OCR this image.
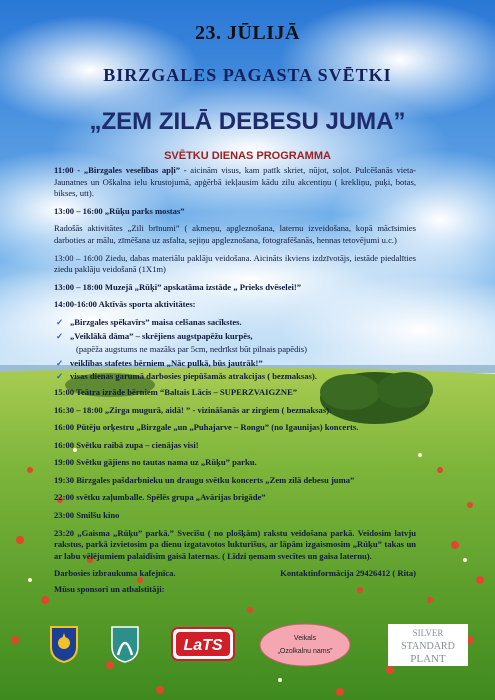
23. JŪLIJĀ
BIRZGALES PAGASTA SVĒTKI
„ZEM ZILĀ DEBESU JUMA”
SVĒTKU DIENAS PROGRAMMA

11:00 - „Birzgales veselības apļi” - aicinām visus, kam patīk skriet, nūjot, soļot. Pulcēšanās vieta- Jaunatnes un Oškalna ielu krustojumā, apģērbā iekļausim kādu zilu akcentiņu ( krekliņu, puķi, botas, bikses, utt).

13:00 – 16:00 „Rūķu parks mostas”

Radošās aktivitātes „Zili brīnumi” ( akmeņu, apgleznošana, laternu izveidošana, kopā mācīsimies darboties ar mālu, zīmēšana uz asfalta, sejiņu apgleznošana, fotografēšanās, hennas tetovējumi u.c.)

13:00 – 16:00 Ziedu, dabas materiālu paklāju veidošana. Aicināts ikviens izdzīvotājs, iestāde piedalīties ziedu paklāju veidošanā (1X1m)

13:00 – 18:00 Muzejā „Rūķi” apskatāma izstāde „ Prieks dvēselei!”

14:00-16:00 Aktīvās sporta aktivitātes:

✓ „Birzgales spēkavīrs” maisa celšanas sacīkstes.
✓ „Veiklākā dāma” – skrējiens augstpapēžu kurpēs,
(papēža augstums ne mazāks par 5cm, nedrīkst būt pilnais papēdis)
✓ veiklības stafetes bērniem „Nāc pulkā, būs jautrāk!”
✓ visas dienas garumā darbosies piepūšamās atrakcijas ( bezmaksas).

15:00 Teātra izrāde bērniem “Baltais Lācis – SUPERZVAIGZNE”

16:30 – 18:00 „Zirga mugurā, aidā! ” - vizināšanās ar zirgiem ( bezmaksas).

16:00 Pūtēju orķestru „Birzgale „un „Puhajarve – Rongu” (no Igaunijas) koncerts.

16:00 Svētku raibā zupa – cienājas visi!

19:00 Svētku gājiens no tautas nama uz „Rūķu” parku.

19:30 Birzgales pašdarbnieku un draugu svētku koncerts „Zem zilā debesu juma”

22:00 svētku zaļumballe. Spēlēs grupa „Avārijas brigāde”

23:00 Smilšu kino

23:20 „Gaisma „Rūķu” parkā.” Svecīšu ( no plošķām) rakstu veidošana parkā. Veidosim latvju rakstus, parkā izvietosim pa dienu izgatavotos lukturīšus, ar lāpām izgaismosim „Rūķu” takas un ar labu vēlējumiem palaidīsim gaisā laternas. ( Līdzi ņemam svecītes un gaisa laternu).

Darbosies izbraukuma kafejnīca.	Kontaktinformācija 29426412 ( Rita)

Mūsu sponsori un atbalstītāji:

LaTS	Veikals
„Ozolkalnu nams”
SILVER
STANDARD
PLANT
